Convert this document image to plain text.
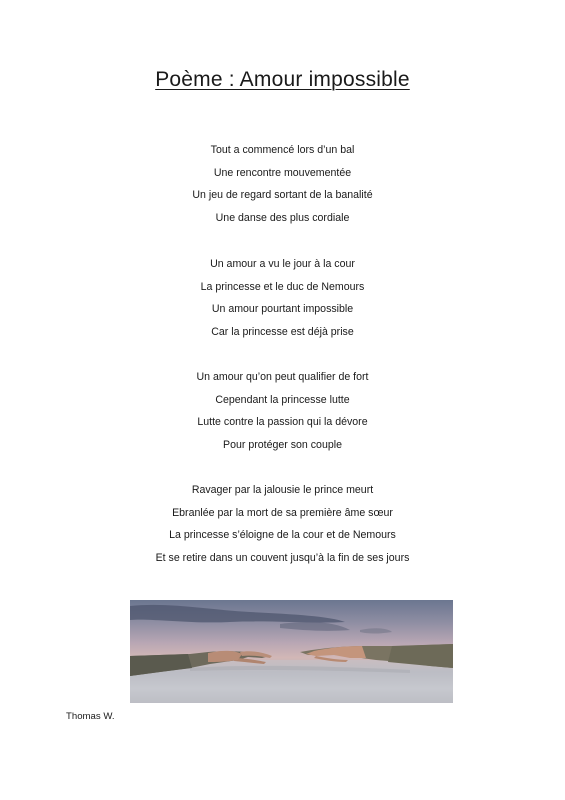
Poème : Amour impossible
Tout a commencé lors d’un bal
Une rencontre mouvementée
Un jeu de regard sortant de la banalité
Une danse des plus cordiale
Un amour a vu le jour à la cour
La princesse et le duc de Nemours
Un amour pourtant impossible
Car la princesse est déjà prise
Un amour qu’on peut qualifier de fort
Cependant la princesse lutte
Lutte contre la passion qui la dévore
Pour protéger son couple
Ravager par la jalousie le prince meurt
Ebranlée par la mort de sa première âme sœur
La princesse s’éloigne de la cour et de Nemours
Et se retire dans un couvent jusqu’à la fin de ses jours
Thomas W.
